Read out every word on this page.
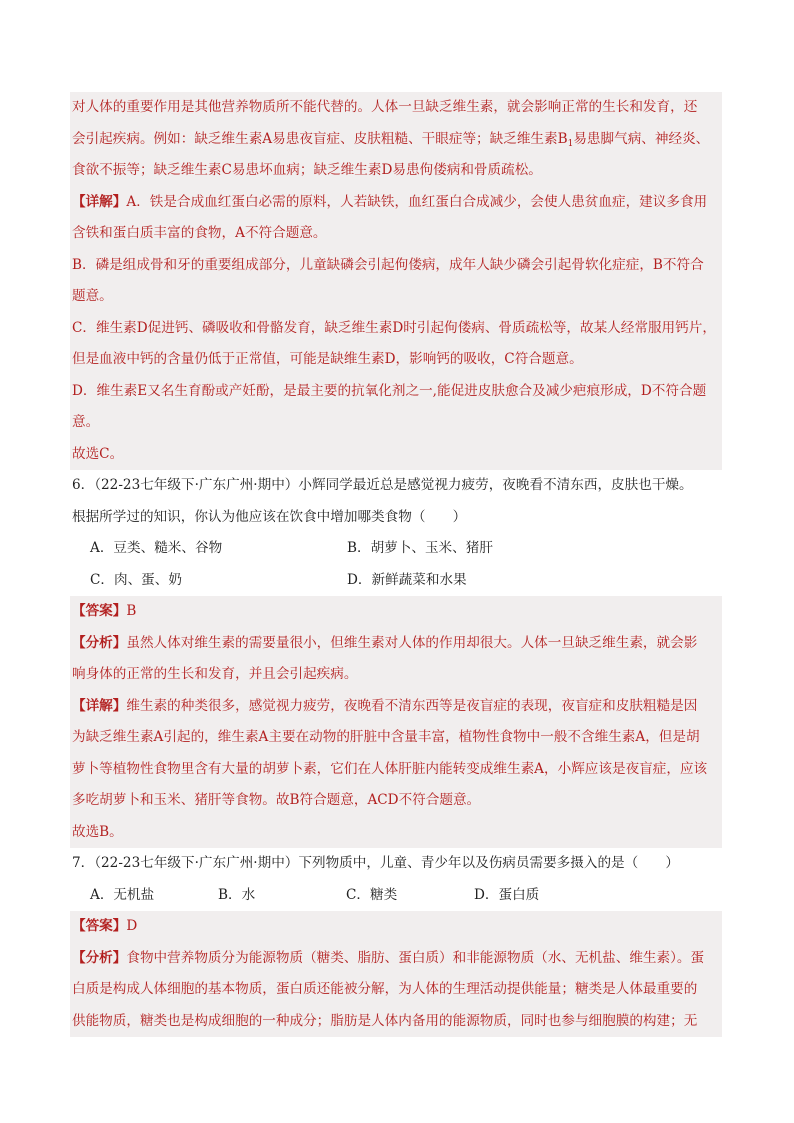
对人体的重要作用是其他营养物质所不能代替的。人体一旦缺乏维生素，就会影响正常的生长和发育，还
会引起疾病。例如：缺乏维生素A易患夜盲症、皮肤粗糙、干眼症等；缺乏维生素$B_1$易患脚气病、神经炎、
食欲不振等；缺乏维生素C易患坏血病；缺乏维生素D易患佝偻病和骨质疏松。
【详解】A．铁是合成血红蛋白必需的原料，人若缺铁，血红蛋白合成减少，会使人患贫血症，建议多食用
含铁和蛋白质丰富的食物，A不符合题意。
B．磷是组成骨和牙的重要组成部分，儿童缺磷会引起佝偻病，成年人缺少磷会引起骨软化症症，B不符合
题意。
C．维生素D促进钙、磷吸收和骨骼发育，缺乏维生素D时引起佝偻病、骨质疏松等，故某人经常服用钙片，
但是血液中钙的含量仍低于正常值，可能是缺维生素D，影响钙的吸收，C符合题意。
D．维生素E又名生育酚或产妊酚，是最主要的抗氧化剂之一,能促进皮肤愈合及减少疤痕形成，D不符合题
意。
故选C。
6．（22-23七年级下·广东广州·期中）小辉同学最近总是感觉视力疲劳，夜晚看不清东西，皮肤也干燥。
根据所学过的知识，你认为他应该在饮食中增加哪类食物（　　）
A．豆类、糙米、谷物	B．胡萝卜、玉米、猪肝
C．肉、蛋、奶	D．新鲜蔬菜和水果
【答案】B
【分析】虽然人体对维生素的需要量很小，但维生素对人体的作用却很大。人体一旦缺乏维生素，就会影
响身体的正常的生长和发育，并且会引起疾病。
【详解】维生素的种类很多，感觉视力疲劳，夜晚看不清东西等是夜盲症的表现，夜盲症和皮肤粗糙是因
为缺乏维生素A引起的，维生素A主要在动物的肝脏中含量丰富，植物性食物中一般不含维生素A，但是胡
萝卜等植物性食物里含有大量的胡萝卜素，它们在人体肝脏内能转变成维生素A，小辉应该是夜盲症，应该
多吃胡萝卜和玉米、猪肝等食物。故B符合题意，ACD不符合题意。
故选B。
7．（22-23七年级下·广东广州·期中）下列物质中，儿童、青少年以及伤病员需要多摄入的是（　　）
A．无机盐	B．水	C．糖类	D．蛋白质
【答案】D
【分析】食物中营养物质分为能源物质（糖类、脂肪、蛋白质）和非能源物质（水、无机盐、维生素）。蛋
白质是构成人体细胞的基本物质，蛋白质还能被分解，为人体的生理活动提供能量；糖类是人体最重要的
供能物质，糖类也是构成细胞的一种成分；脂肪是人体内备用的能源物质，同时也参与细胞膜的构建；无
